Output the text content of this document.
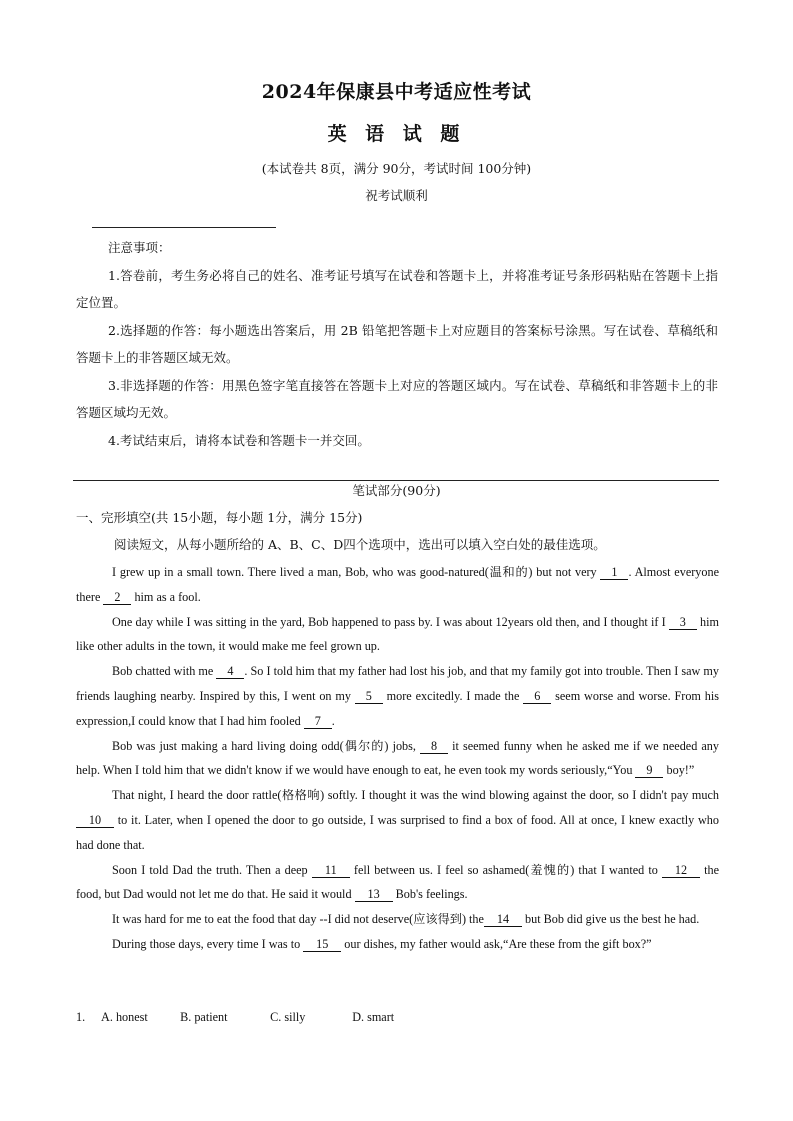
2024年保康县中考适应性考试
英 语 试 题
(本试卷共 8页，满分 90分，考试时间 100分钟)
祝考试顺利

注意事项：

1.答卷前，考生务必将自己的姓名、准考证号填写在试卷和答题卡上，并将准考证号条形码粘贴在答题卡上指定位置。

2.选择题的作答：每小题选出答案后，用 2B 铅笔把答题卡上对应题目的答案标号涂黑。写在试卷、草稿纸和答题卡上的非答题区域无效。

3.非选择题的作答：用黑色签字笔直接答在答题卡上对应的答题区域内。写在试卷、草稿纸和非答题卡上的非答题区域均无效。

4.考试结束后，请将本试卷和答题卡一并交回。

笔试部分(90分)
一、完形填空(共 15小题，每小题 1分，满分 15分)
阅读短文，从每小题所给的 A、B、C、D四个选项中，选出可以填入空白处的最佳选项。

I grew up in a small town. There lived a man, Bob, who was good-natured(温和的) but not very 1 . Almost everyone there 2 him as a fool.

One day while I was sitting in the yard, Bob happened to pass by. I was about 12years old then, and I thought if I 3 him like other adults in the town, it would make me feel grown up.

Bob chatted with me 4 . So I told him that my father had lost his job, and that my family got into trouble. Then I saw my friends laughing nearby. Inspired by this, I went on my 5 more excitedly. I made the 6 seem worse and worse. From his expression,I could know that I had him fooled 7 .

Bob was just making a hard living doing odd(偶尔的) jobs, 8 it seemed funny when he asked me if we needed any help. When I told him that we didn't know if we would have enough to eat, he even took my words seriously,“You 9 boy!”

That night, I heard the door rattle(格格响) softly. I thought it was the wind blowing against the door, so I didn't pay much 10 to it. Later, when I opened the door to go outside, I was surprised to find a box of food. All at once, I knew exactly who had done that.

Soon I told Dad the truth. Then a deep 11 fell between us. I feel so ashamed(羞愧的) that I wanted to 12 the food, but Dad would not let me do that. He said it would 13 Bob's feelings.

It was hard for me to eat the food that day --I did not deserve(应该得到) the 14 but Bob did give us the best he had.

During those days, every time I was to 15 our dishes, my father would ask,“Are these from the gift box?”

1. A. honest	B. patient	C. silly	D. smart
